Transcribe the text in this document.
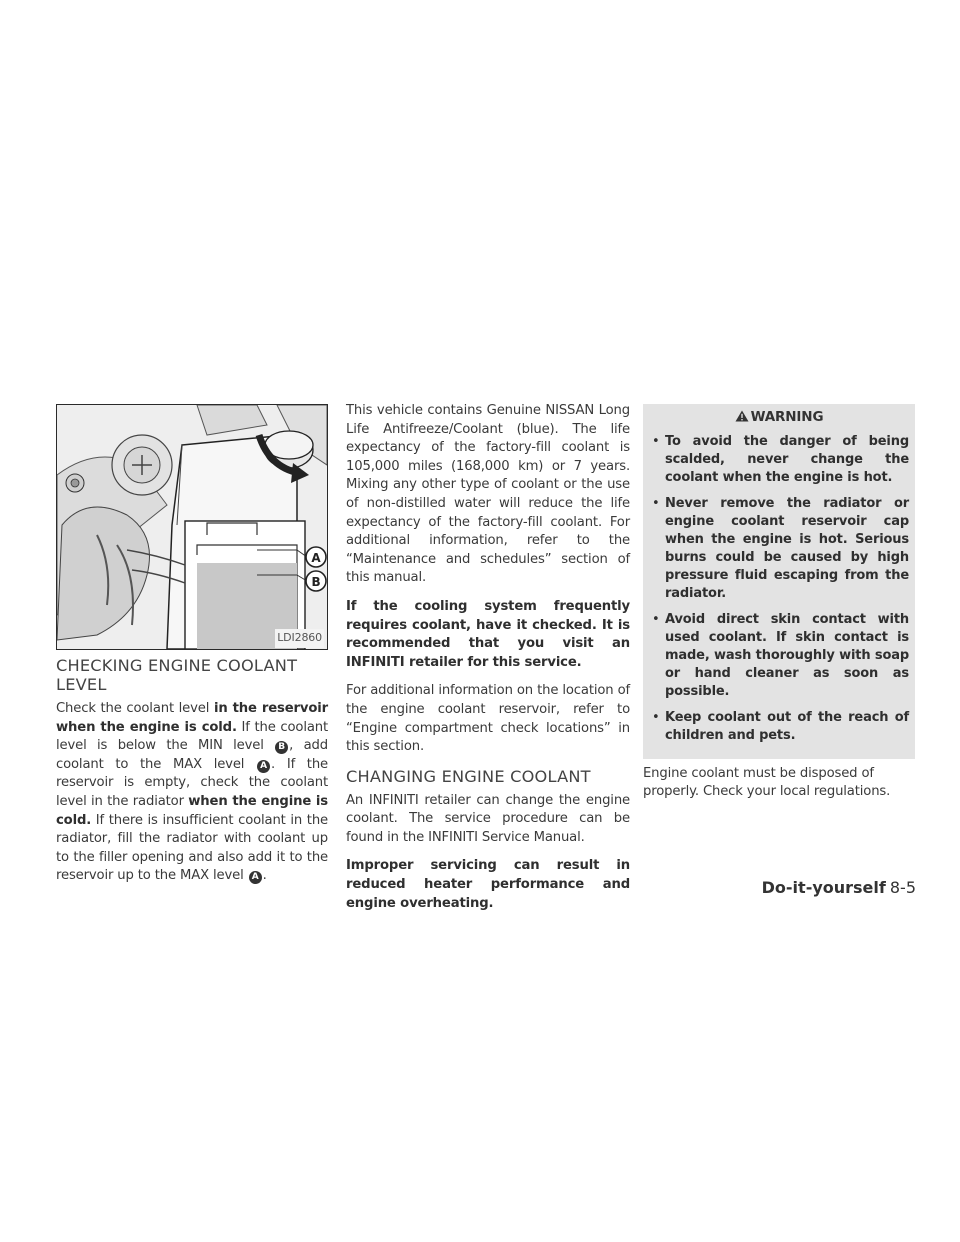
A
B
LDI2860
CHECKING ENGINE COOLANT LEVEL

Check the coolant level in the reservoir when the engine is cold. If the coolant level is below the MIN level B , add coolant to the MAX level A . If the reservoir is empty, check the coolant level in the radiator when the engine is cold. If there is insufficient coolant in the radiator, fill the radiator with coolant up to the filler opening and also add it to the reservoir up to the MAX level A .

This vehicle contains Genuine NISSAN Long Life Antifreeze/Coolant (blue). The life expectancy of the factory-fill coolant is 105,000 miles (168,000 km) or 7 years. Mixing any other type of coolant or the use of non-distilled water will reduce the life expectancy of the factory-fill coolant. For additional information, refer to the “Maintenance and schedules” section of this manual.

If the cooling system frequently requires coolant, have it checked. It is recommended that you visit an INFINITI retailer for this service.

For additional information on the location of the engine coolant reservoir, refer to “Engine compartment check locations” in this section.

CHANGING ENGINE COOLANT

An INFINITI retailer can change the engine coolant. The service procedure can be found in the INFINITI Service Manual.

Improper servicing can result in reduced heater performance and engine overheating.

WARNING
• To avoid the danger of being scalded, never change the coolant when the engine is hot.
• Never remove the radiator or engine coolant reservoir cap when the engine is hot. Serious burns could be caused by high pressure fluid escaping from the radiator.
• Avoid direct skin contact with used coolant. If skin contact is made, wash thoroughly with soap or hand cleaner as soon as possible.
• Keep coolant out of the reach of children and pets.

Engine coolant must be disposed of properly. Check your local regulations.

Do-it-yourself 8-5
